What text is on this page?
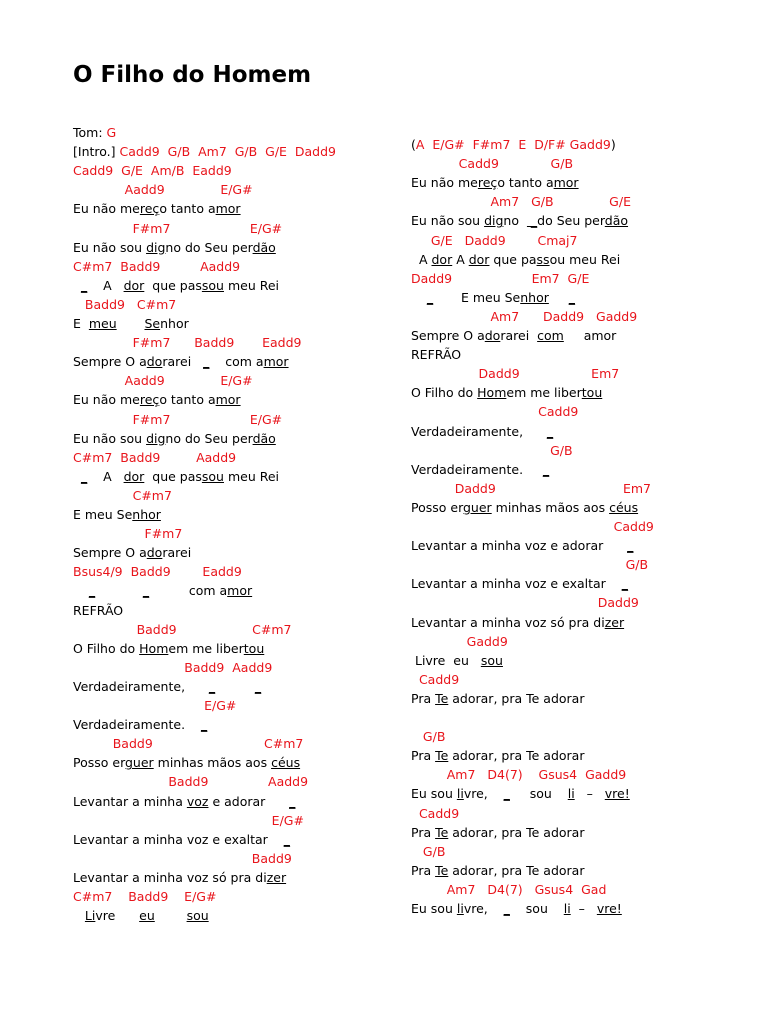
O Filho do Homem
Tom: G
[Intro.] Cadd9  G/B  Am7  G/B  G/E  Dadd9
Cadd9  G/E  Am/B  Eadd9
Aadd9              E/G#
Eu não mereço tanto amor
F#m7                    E/G#
Eu não sou digno do Seu perdão
C#m7  Badd9          Aadd9
_    A   dor  que passou meu Rei
Badd9   C#m7
E  meu Senhor
F#m7      Badd9       Eadd9
Sempre O adorarei   _    com amor
Aadd9              E/G#
Eu não mereço tanto amor
F#m7                    E/G#
Eu não sou digno do Seu perdão
C#m7  Badd9         Aadd9
_    A   dor  que passou meu Rei
C#m7
E meu Senhor
F#m7
Sempre O adorarei
Bsus4/9  Badd9        Eadd9
_	_          com amor
REFRÃO
Badd9                   C#m7
O Filho do Homem me libertou
Badd9  Aadd9
Verdadeiramente,      _	_
E/G#
Verdadeiramente.    _
Badd9                            C#m7
Posso erguer minhas mãos aos céus
Badd9               Aadd9
Levantar a minha voz e adorar      _
E/G#
Levantar a minha voz e exaltar    _
Badd9
Levantar a minha voz só pra dizer
C#m7    Badd9    E/G#
Livre      eu	sou
(A  E/G#  F#m7  E  D/F# Gadd9)
Cadd9             G/B
Eu não mereço tanto amor
Am7   G/B              G/E
Eu não sou digno   _do Seu perdão
G/E   Dadd9        Cmaj7
A dor A dor que passou meu Rei
Dadd9                    Em7  G/E
_       E meu Senhor _
Am7      Dadd9   Gadd9
Sempre O adorarei  com     amor
REFRÃO
Dadd9                  Em7
O Filho do Homem me libertou
Cadd9
Verdadeiramente,      _
G/B
Verdadeiramente.     _
Dadd9                                Em7
Posso erguer minhas mãos aos céus
Cadd9
Levantar a minha voz e adorar      _
G/B
Levantar a minha voz e exaltar    _
Dadd9
Levantar a minha voz só pra dizer
Gadd9
Livre  eu   sou
Cadd9
Pra Te adorar, pra Te adorar
G/B
Pra Te adorar, pra Te adorar
Am7   D4(7)    Gsus4  Gadd9
Eu sou livre,    _     sou    li   –   vre!
Cadd9
Pra Te adorar, pra Te adorar
G/B
Pra Te adorar, pra Te adorar
Am7   D4(7)   Gsus4  Gad
Eu sou livre,    _    sou    li  –   vre!
